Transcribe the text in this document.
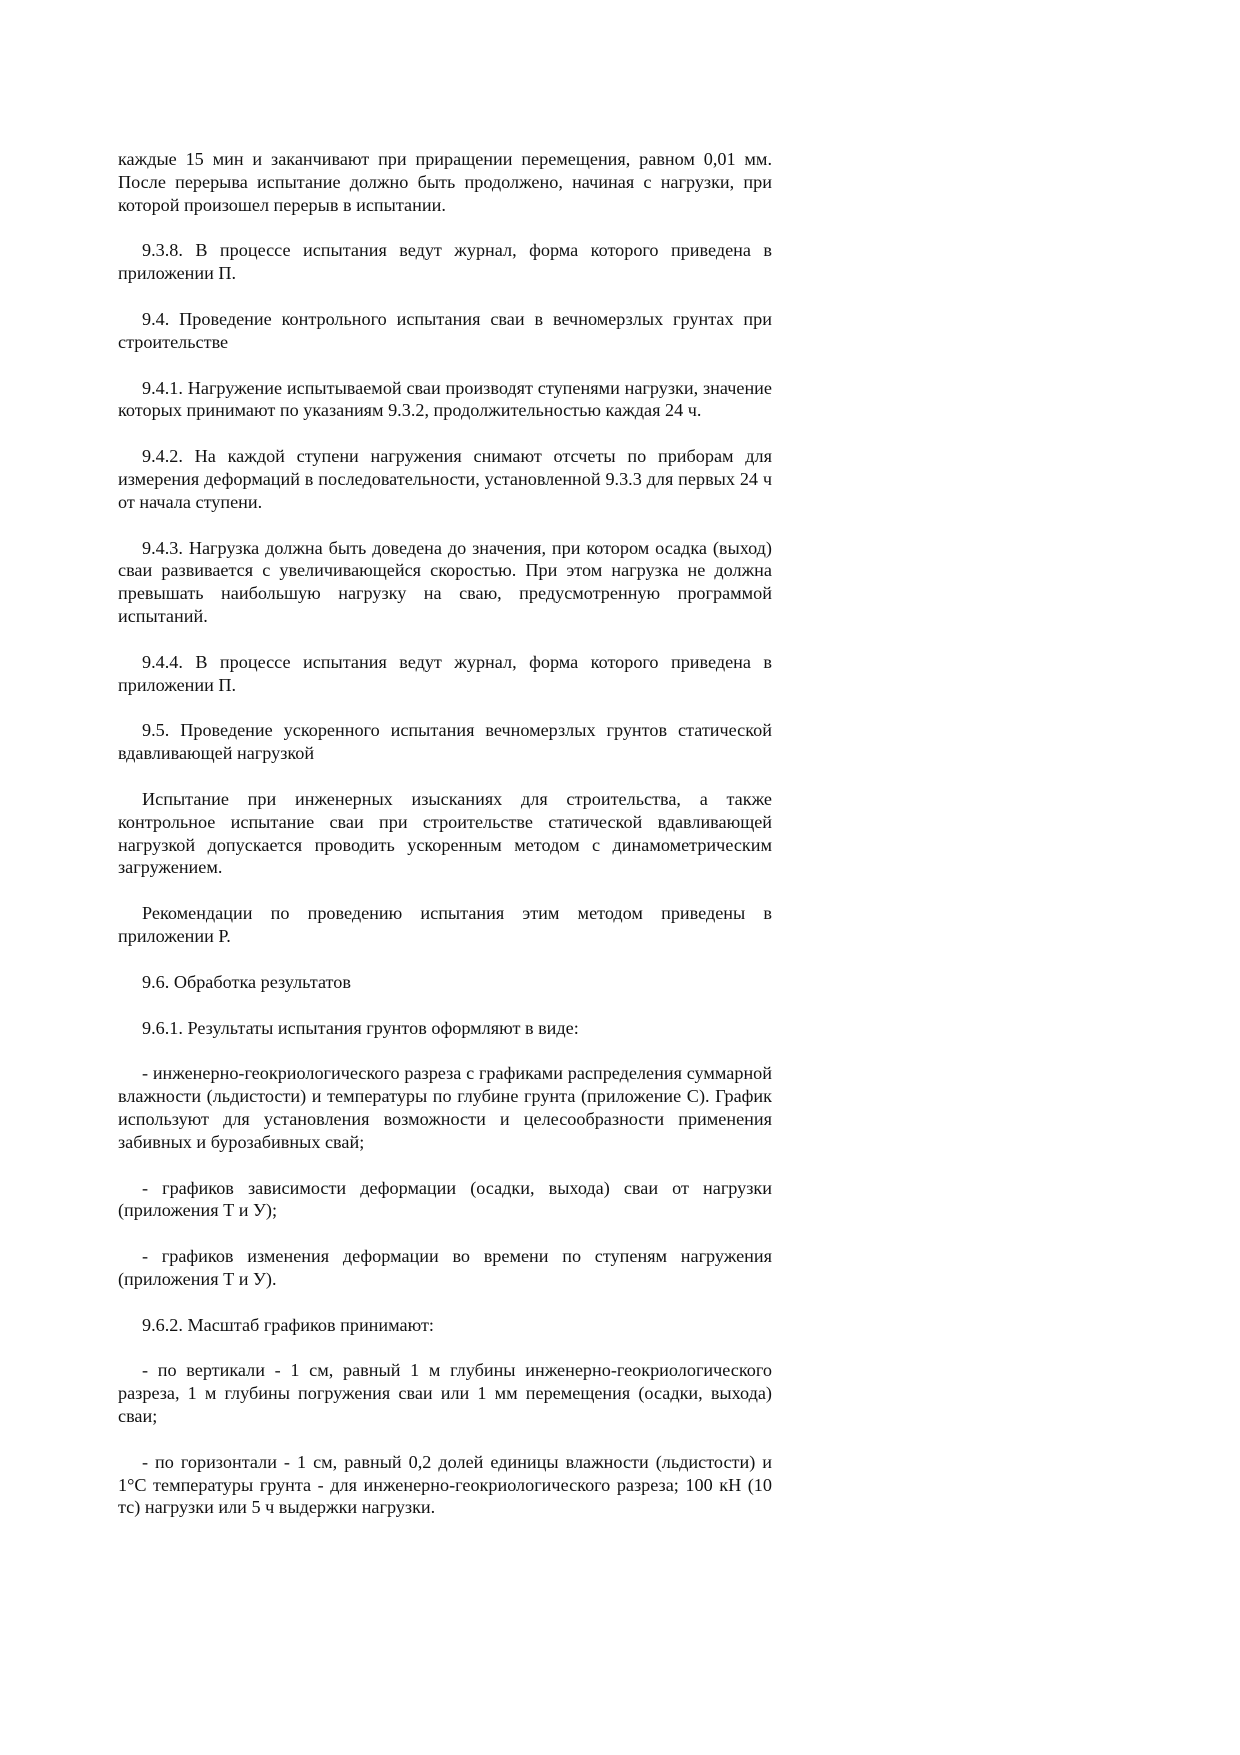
каждые 15 мин и заканчивают при приращении перемещения, равном 0,01 мм. После перерыва испытание должно быть продолжено, начиная с нагрузки, при которой произошел перерыв в испытании.

9.3.8. В процессе испытания ведут журнал, форма которого приведена в приложении П.

9.4. Проведение контрольного испытания сваи в вечномерзлых грунтах при строительстве

9.4.1. Нагружение испытываемой сваи производят ступенями нагрузки, значение которых принимают по указаниям 9.3.2, продолжительностью каждая 24 ч.

9.4.2. На каждой ступени нагружения снимают отсчеты по приборам для измерения деформаций в последовательности, установленной 9.3.3 для первых 24 ч от начала ступени.

9.4.3. Нагрузка должна быть доведена до значения, при котором осадка (выход) сваи развивается с увеличивающейся скоростью. При этом нагрузка не должна превышать наибольшую нагрузку на сваю, предусмотренную программой испытаний.

9.4.4. В процессе испытания ведут журнал, форма которого приведена в приложении П.

9.5. Проведение ускоренного испытания вечномерзлых грунтов статической вдавливающей нагрузкой

Испытание при инженерных изысканиях для строительства, а также контрольное испытание сваи при строительстве статической вдавливающей нагрузкой допускается проводить ускоренным методом с динамометрическим загружением.

Рекомендации по проведению испытания этим методом приведены в приложении Р.

9.6. Обработка результатов

9.6.1. Результаты испытания грунтов оформляют в виде:

- инженерно-геокриологического разреза с графиками распределения суммарной влажности (льдистости) и температуры по глубине грунта (приложение С). График используют для установления возможности и целесообразности применения забивных и бурозабивных свай;

- графиков зависимости деформации (осадки, выхода) сваи от нагрузки (приложения Т и У);

- графиков изменения деформации во времени по ступеням нагружения (приложения Т и У).

9.6.2. Масштаб графиков принимают:

- по вертикали - 1 см, равный 1 м глубины инженерно-геокриологического разреза, 1 м глубины погружения сваи или 1 мм перемещения (осадки, выхода) сваи;

- по горизонтали - 1 см, равный 0,2 долей единицы влажности (льдистости) и 1°С температуры грунта - для инженерно-геокриологического разреза; 100 кН (10 тс) нагрузки или 5 ч выдержки нагрузки.
